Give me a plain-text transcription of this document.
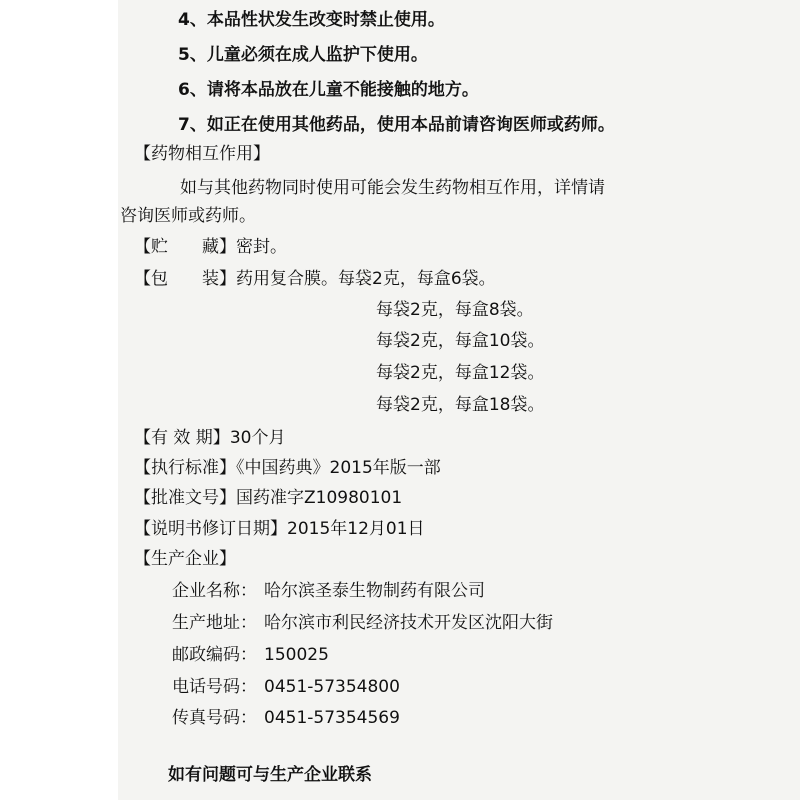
4、本品性状发生改变时禁止使用。
5、儿童必须在成人监护下使用。
6、请将本品放在儿童不能接触的地方。
7、如正在使用其他药品，使用本品前请咨询医师或药师。
【药物相互作用】
如与其他药物同时使用可能会发生药物相互作用，详情请
咨询医师或药师。
【贮　　藏】密封。
【包　　装】药用复合膜。每袋2克，每盒6袋。
每袋2克，每盒8袋。
每袋2克，每盒10袋。
每袋2克，每盒12袋。
每袋2克，每盒18袋。
【有 效 期】30个月
【执行标准】《中国药典》2015年版一部
【批准文号】国药准字Z10980101
【说明书修订日期】2015年12月01日
【生产企业】
企业名称： 哈尔滨圣泰生物制药有限公司
生产地址： 哈尔滨市利民经济技术开发区沈阳大街
邮政编码： 150025
电话号码： 0451-57354800
传真号码： 0451-57354569
如有问题可与生产企业联系
